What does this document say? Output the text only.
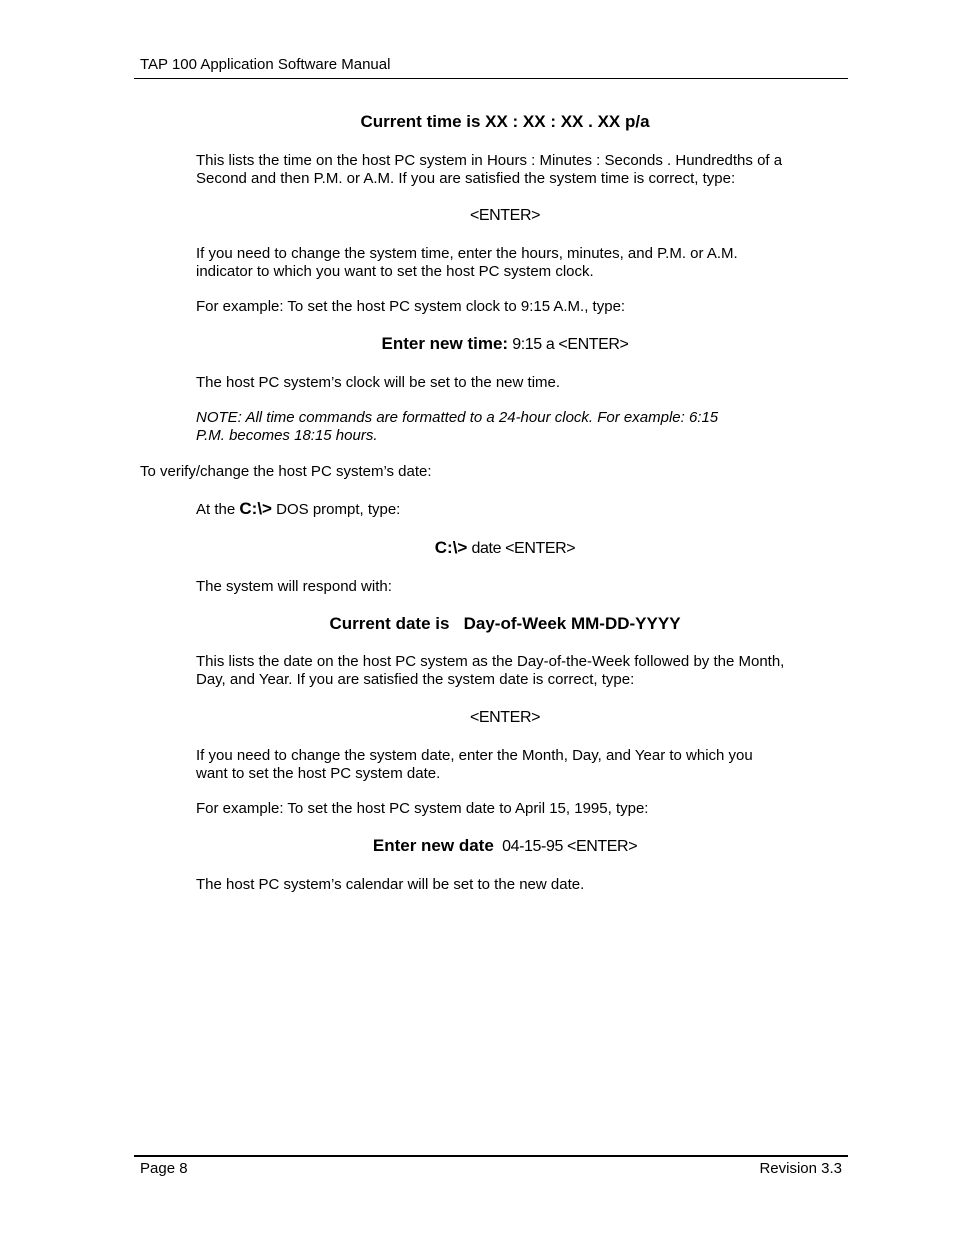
TAP 100 Application Software Manual
Current time is XX : XX : XX . XX p/a
This lists the time on the host PC system in Hours : Minutes : Seconds . Hundredths of a
Second and then P.M. or A.M. If you are satisfied the system time is correct, type:
<ENTER>
If you need to change the system time, enter the hours, minutes, and P.M. or A.M.
indicator to which you want to set the host PC system clock.
For example: To set the host PC system clock to 9:15 A.M., type:
Enter new time: 9:15 a <ENTER>
The host PC system’s clock will be set to the new time.
NOTE: All time commands are formatted to a 24-hour clock. For example: 6:15
P.M. becomes 18:15 hours.
To verify/change the host PC system’s date:
At the C:\> DOS prompt, type:
C:\> date <ENTER>
The system will respond with:
Current date is Day-of-Week MM-DD-YYYY
This lists the date on the host PC system as the Day-of-the-Week followed by the Month,
Day, and Year. If you are satisfied the system date is correct, type:
<ENTER>
If you need to change the system date, enter the Month, Day, and Year to which you
want to set the host PC system date.
For example: To set the host PC system date to April 15, 1995, type:
Enter new date 04-15-95 <ENTER>
The host PC system’s calendar will be set to the new date.
Page 8	Revision 3.3
